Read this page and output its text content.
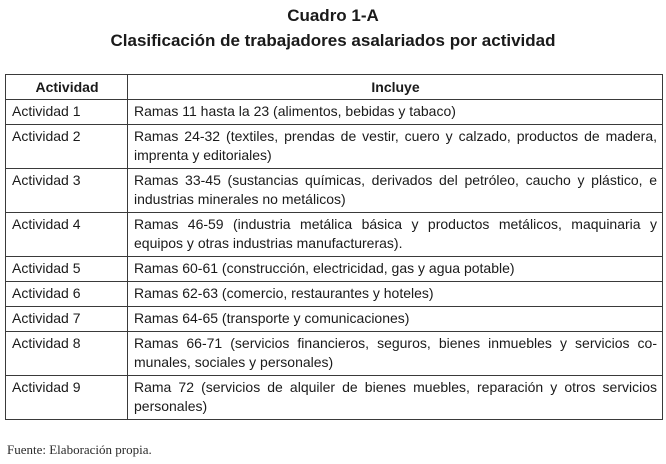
Cuadro 1-A
Clasificación de trabajadores asalariados por actividad
Actividad	Incluye
Actividad 1	Ramas 11 hasta la 23 (alimentos, bebidas y tabaco)
Actividad 2	Ramas 24-32 (textiles, prendas de vestir, cuero y calzado, productos de madera, imprenta y editoriales)
Actividad 3	Ramas 33-45 (sustancias químicas, derivados del petróleo, caucho y plástico, e industrias minerales no metálicos)
Actividad 4	Ramas 46-59 (industria metálica básica y productos metálicos, maquinaria y equipos y otras industrias manufactureras).
Actividad 5	Ramas 60-61 (construcción, electricidad, gas y agua potable)
Actividad 6	Ramas 62-63 (comercio, restaurantes y hoteles)
Actividad 7	Ramas 64-65 (transporte y comunicaciones)
Actividad 8	Ramas 66-71 (servicios financieros, seguros, bienes inmuebles y servicios comunales, sociales y personales)
Actividad 9	Rama 72 (servicios de alquiler de bienes muebles, reparación y otros servicios personales)
Fuente: Elaboración propia.
